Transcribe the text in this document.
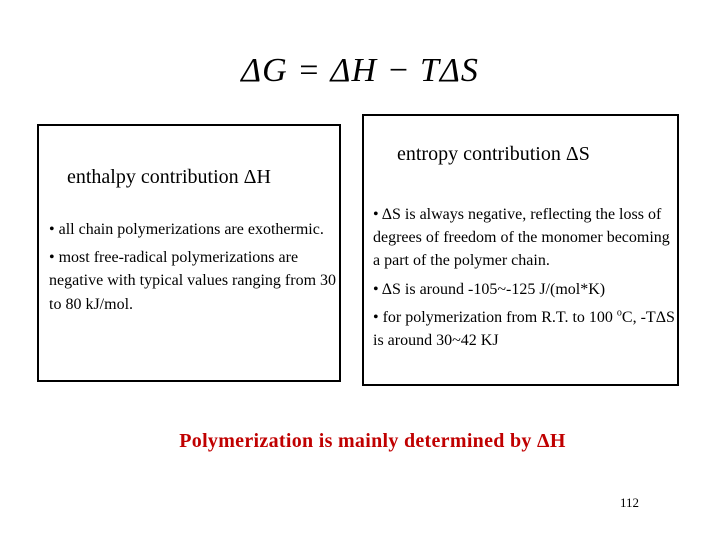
ΔG = ΔH − TΔS
enthalpy contribution ΔH
• all chain polymerizations are exothermic.
• most free-radical polymerizations are negative with typical values ranging from 30 to 80 kJ/mol.
entropy contribution ΔS
• ΔS is always negative, reflecting the loss of degrees of freedom of the monomer becoming a part of the polymer chain.
• ΔS is around -105~-125 J/(mol*K)
• for polymerization from R.T. to 100 $^o$C, -TΔS is around 30~42 KJ
Polymerization is mainly determined by ΔH
112
